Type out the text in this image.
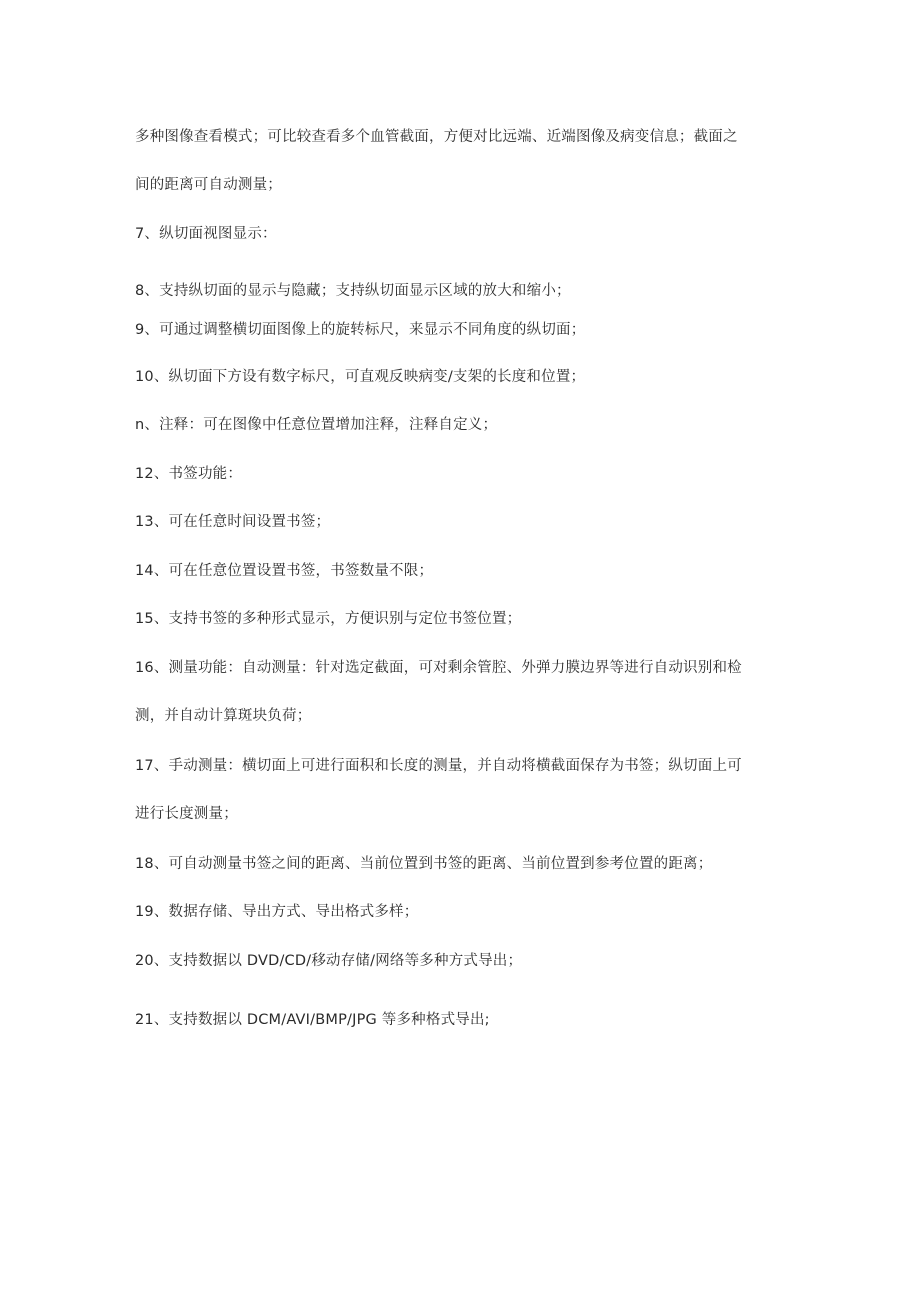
多种图像查看模式；可比较查看多个血管截面，方便对比远端、近端图像及病变信息；截面之
间的距离可自动测量；
7、纵切面视图显示：
8、支持纵切面的显示与隐藏；支持纵切面显示区域的放大和缩小；
9、可通过调整横切面图像上的旋转标尺，来显示不同角度的纵切面；
10、纵切面下方设有数字标尺，可直观反映病变/支架的长度和位置；
n、注释：可在图像中任意位置增加注释，注释自定义；
12、书签功能：
13、可在任意时间设置书签；
14、可在任意位置设置书签，书签数量不限；
15、支持书签的多种形式显示，方便识别与定位书签位置；
16、测量功能：自动测量：针对选定截面，可对剩余管腔、外弹力膜边界等进行自动识别和检
测，并自动计算斑块负荷；
17、手动测量：横切面上可进行面积和长度的测量，并自动将横截面保存为书签；纵切面上可
进行长度测量；
18、可自动测量书签之间的距离、当前位置到书签的距离、当前位置到参考位置的距离；
19、数据存储、导出方式、导出格式多样；
20、支持数据以 DVD/CD/移动存储/网络等多种方式导出；
21、支持数据以 DCM/AVI/BMP/JPG 等多种格式导出;
